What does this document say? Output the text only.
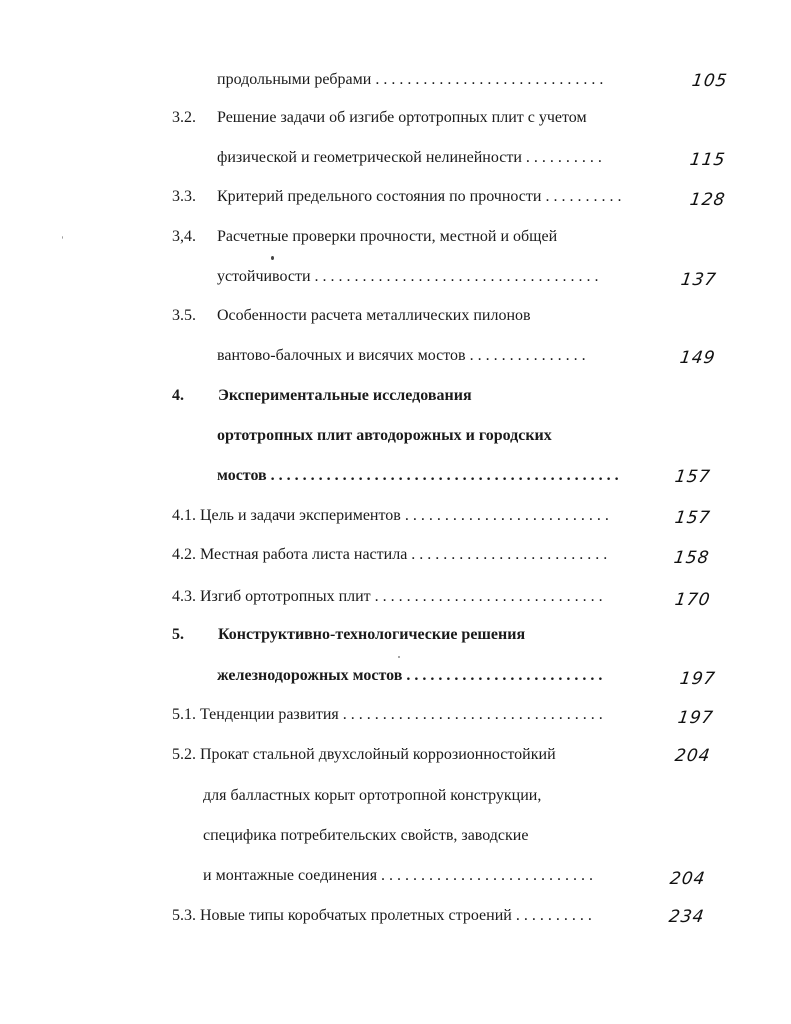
продольными ребрами . . . . . . . . . . . . . . . . . . . . . . . . . . . . .	105
3.2. Решение задачи об изгибе ортотропных плит с учетом
физической и геометрической нелинейности . . . . . . . . . .	115
3.3. Критерий предельного состояния по прочности . . . . . . . . . .	128
3,4. Расчетные проверки прочности, местной и общей
устойчивости . . . . . . . . . . . . . . . . . . . . . . . . . . . . . . . . . . . .	137
3.5. Особенности расчета металлических пилонов
вантово-балочных и висячих мостов . . . . . . . . . . . . . . .	149
4. Экспериментальные исследования
ортотропных плит автодорожных и городских
мостов . . . . . . . . . . . . . . . . . . . . . . . . . . . . . . . . . . . . . . . . . . . .	157
4.1. Цель и задачи экспериментов . . . . . . . . . . . . . . . . . . . . . . . . . .	157
4.2. Местная работа листа настила . . . . . . . . . . . . . . . . . . . . . . . . .	158
4.3. Изгиб ортотропных плит . . . . . . . . . . . . . . . . . . . . . . . . . . . . .	170
5. Конструктивно-технологические решения
железнодорожных мостов . . . . . . . . . . . . . . . . . . . . . . . . .	197
5.1. Тенденции развития . . . . . . . . . . . . . . . . . . . . . . . . . . . . . . . . .	197
5.2. Прокат стальной двухслойный коррозионностойкий	204
для балластных корыт ортотропной конструкции,
специфика потребительских свойств, заводские
и монтажные соединения . . . . . . . . . . . . . . . . . . . . . . . . . . .	204
5.3. Новые типы коробчатых пролетных строений . . . . . . . . . .	234
